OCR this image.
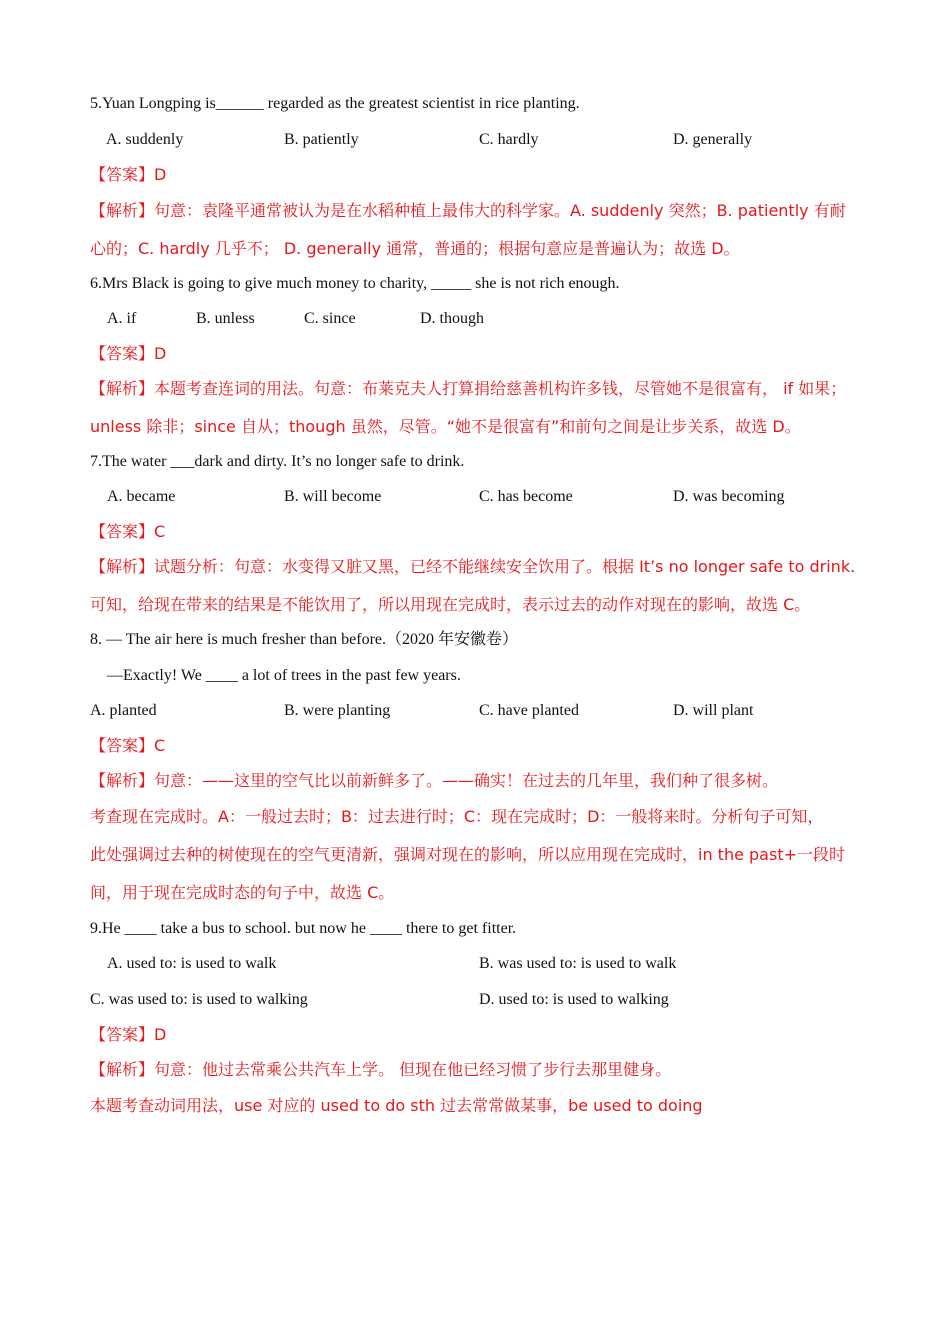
5.Yuan Longping is______ regarded as the greatest scientist in rice planting.
A. suddenly	B. patiently	C. hardly	D. generally
【答案】D
【解析】句意：袁隆平通常被认为是在水稻种植上最伟大的科学家。A. suddenly 突然；B. patiently 有耐
心的；C. hardly 几乎不； D. generally 通常，普通的；根据句意应是普遍认为；故选 D。
6.Mrs Black is going to give much money to charity, _____ she is not rich enough.
A. if	B. unless	C. since	D. though
【答案】D
【解析】本题考查连词的用法。句意：布莱克夫人打算捐给慈善机构许多钱，尽管她不是很富有， if 如果；
unless 除非；since 自从；though 虽然，尽管。“她不是很富有”和前句之间是让步关系，故选 D。
7.The water ___dark and dirty. It’s no longer safe to drink.
A. became	B. will become	C. has become	D. was becoming
【答案】C
【解析】试题分析：句意：水变得又脏又黑，已经不能继续安全饮用了。根据 It’s no longer safe to drink.
可知，给现在带来的结果是不能饮用了，所以用现在完成时，表示过去的动作对现在的影响，故选 C。
8. — The air here is much fresher than before.（2020 年安徽卷）
—Exactly! We ____ a lot of trees in the past few years.
A. planted	B. were planting	C. have planted	D. will plant
【答案】C
【解析】句意：——这里的空气比以前新鲜多了。——确实！在过去的几年里，我们种了很多树。
考查现在完成时。A：一般过去时；B：过去进行时；C：现在完成时；D：一般将来时。分析句子可知，
此处强调过去种的树使现在的空气更清新，强调对现在的影响，所以应用现在完成时，in the past+一段时
间，用于现在完成时态的句子中，故选 C。
9.He ____ take a bus to school. but now he ____ there to get fitter.
A. used to: is used to walk	B. was used to: is used to walk
C. was used to: is used to walking	D. used to: is used to walking
【答案】D
【解析】句意：他过去常乘公共汽车上学。 但现在他已经习惯了步行去那里健身。
本题考查动词用法，use 对应的 used to do sth 过去常常做某事，be used to doing
